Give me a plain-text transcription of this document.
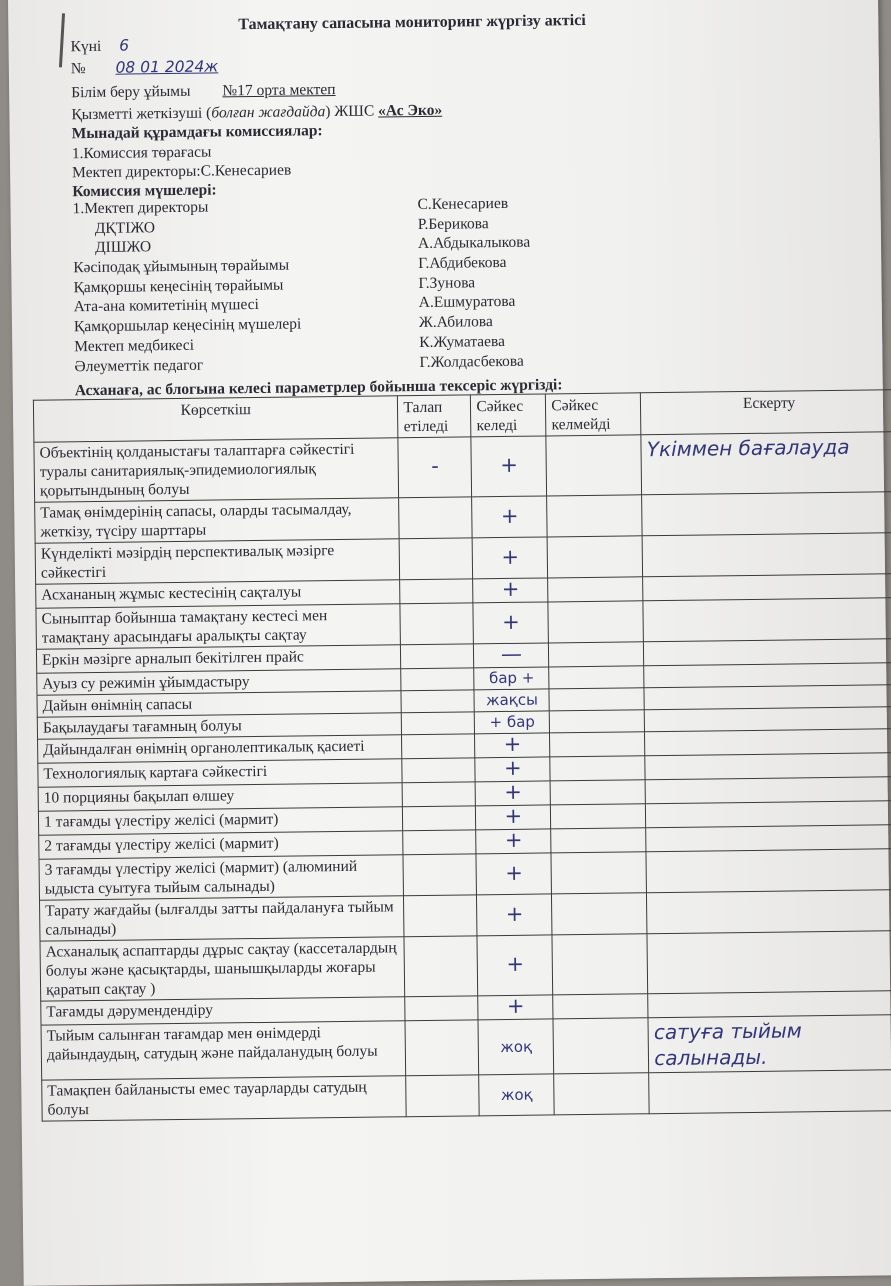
Тамақтану сапасына мониторинг жүргізу актісі
Күні 6
№ 08 01 2024ж
Білім беру ұйымы №17 орта мектеп
Қызметті жеткізуші (болған жағдайда) ЖШС «Ас Эко»
Мынадай құрамдағы комиссиялар:
1.Комиссия төрағасы
Мектеп директоры:С.Кенесариев
Комиссия мүшелері:
1.Мектеп директоры	С.Кенесариев
ДҚТІЖО	Р.Берикова
ДІШЖО	А.Абдыкалыкова
Кәсіподақ ұйымының төрайымы	Г.Абдибекова
Қамқоршы кеңесінің төрайымы	Г.Зунова
Ата-ана комитетінің мүшесі	А.Ешмуратова
Қамқоршылар кеңесінің мүшелері	Ж.Абилова
Мектеп медбикесі	К.Жуматаева
Әлеуметтік педагог	Г.Жолдасбекова
Асханаға, ас блогына келесі параметрлер бойынша тексеріс жүргізді:
Көрсеткіш	Талап етіледі	Сәйкес келеді	Сәйкес келмейді	Ескерту
Объектінің қолданыстағы талаптарға сәйкестігі туралы санитариялық-эпидемиологиялық қорытындының болуы	-	+		Үкіммен бағалауда
Тамақ өнімдерінің сапасы, оларды тасымалдау, жеткізу, түсіру шарттары		+		
Күнделікті мәзірдің перспективалық мәзірге сәйкестігі		+		
Асхананың жұмыс кестесінің сақталуы		+		
Сыныптар бойынша тамақтану кестесі мен тамақтану арасындағы аралықты сақтау		+		
Еркін мәзірге арналып бекітілген прайс		—		
Ауыз су режимін ұйымдастыру		бар +		
Дайын өнімнің сапасы		жақсы		
Бақылаудағы тағамның болуы		+ бар		
Дайындалған өнімнің органолептикалық қасиеті		+		
Технологиялық картаға сәйкестігі		+		
10 порцияны бақылап өлшеу		+		
1 тағамды үлестіру желісі (мармит)		+		
2 тағамды үлестіру желісі (мармит)		+		
3 тағамды үлестіру желісі (мармит) (алюминий ыдыста суытуға тыйым салынады)		+		
Тарату жағдайы (ылғалды затты пайдалануға тыйым салынады)		+		
Асханалық аспаптарды дұрыс сақтау (кассеталардың болуы және қасықтарды, шанышқыларды жоғары қаратып сақтау )		+		
Тағамды дәрумендендіру		+		
Тыйым салынған тағамдар мен өнімдерді дайындаудың, сатудың және пайдаланудың болуы		жоқ		сатуға тыйым салынады.
Тамақпен байланысты емес тауарларды сатудың болуы		жоқ		
